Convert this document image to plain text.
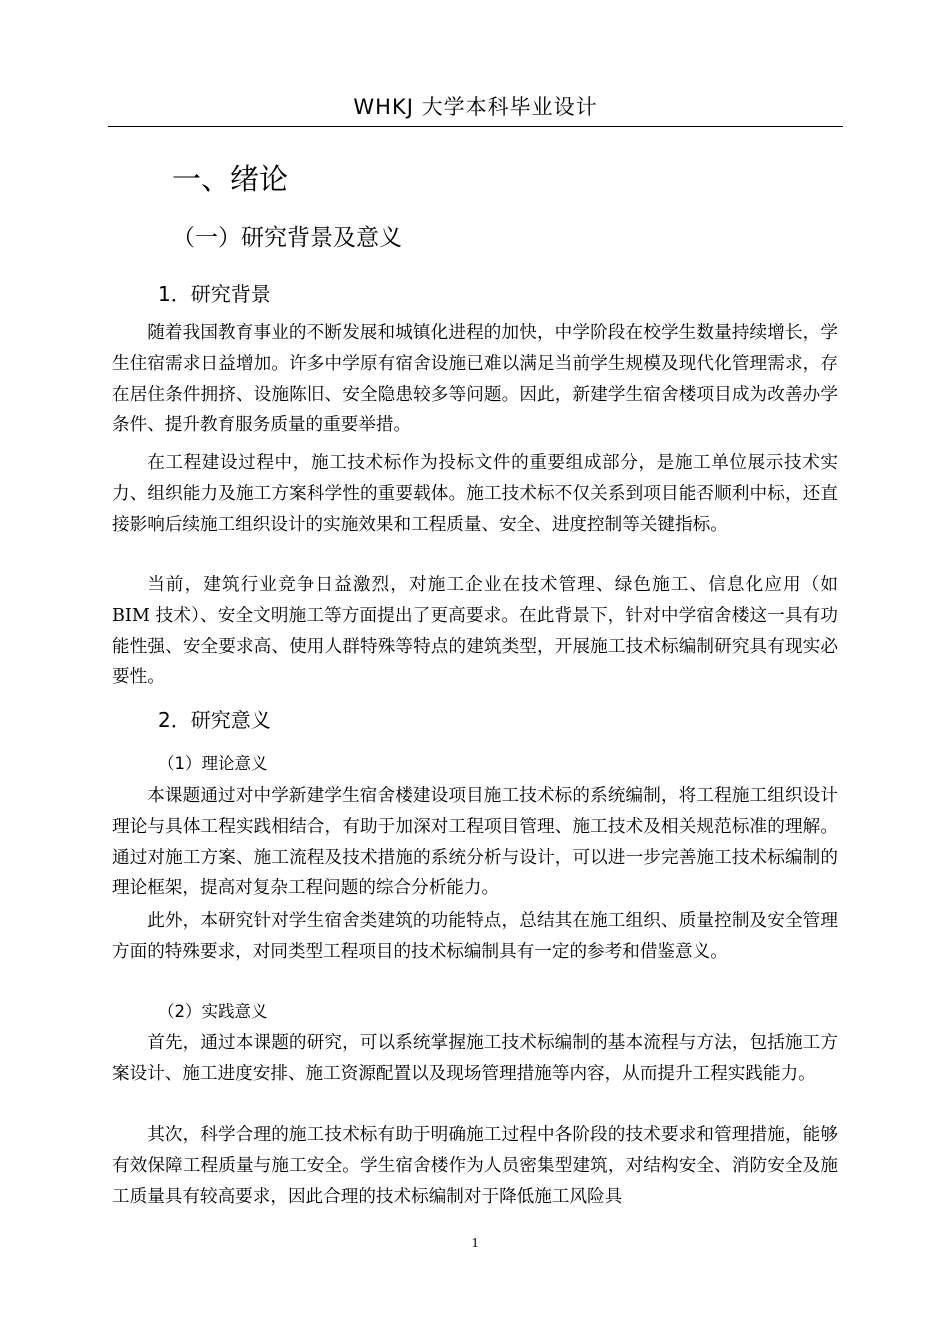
WHKJ 大学本科毕业设计
一、绪论
（一）研究背景及意义
1．研究背景

随着我国教育事业的不断发展和城镇化进程的加快，中学阶段在校学生数量持续增长，学生住宿需求日益增加。许多中学原有宿舍设施已难以满足当前学生规模及现代化管理需求，存在居住条件拥挤、设施陈旧、安全隐患较多等问题。因此，新建学生宿舍楼项目成为改善办学条件、提升教育服务质量的重要举措。

在工程建设过程中，施工技术标作为投标文件的重要组成部分，是施工单位展示技术实力、组织能力及施工方案科学性的重要载体。施工技术标不仅关系到项目能否顺利中标，还直接影响后续施工组织设计的实施效果和工程质量、安全、进度控制等关键指标。

当前，建筑行业竞争日益激烈，对施工企业在技术管理、绿色施工、信息化应用（如 BIM 技术）、安全文明施工等方面提出了更高要求。在此背景下，针对中学宿舍楼这一具有功能性强、安全要求高、使用人群特殊等特点的建筑类型，开展施工技术标编制研究具有现实必要性。

2．研究意义
（1）理论意义

本课题通过对中学新建学生宿舍楼建设项目施工技术标的系统编制，将工程施工组织设计理论与具体工程实践相结合，有助于加深对工程项目管理、施工技术及相关规范标准的理解。通过对施工方案、施工流程及技术措施的系统分析与设计，可以进一步完善施工技术标编制的理论框架，提高对复杂工程问题的综合分析能力。

此外，本研究针对学生宿舍类建筑的功能特点，总结其在施工组织、质量控制及安全管理方面的特殊要求，对同类型工程项目的技术标编制具有一定的参考和借鉴意义。

（2）实践意义

首先，通过本课题的研究，可以系统掌握施工技术标编制的基本流程与方法，包括施工方案设计、施工进度安排、施工资源配置以及现场管理措施等内容，从而提升工程实践能力。

其次，科学合理的施工技术标有助于明确施工过程中各阶段的技术要求和管理措施，能够有效保障工程质量与施工安全。学生宿舍楼作为人员密集型建筑，对结构安全、消防安全及施工质量具有较高要求，因此合理的技术标编制对于降低施工风险具

1
